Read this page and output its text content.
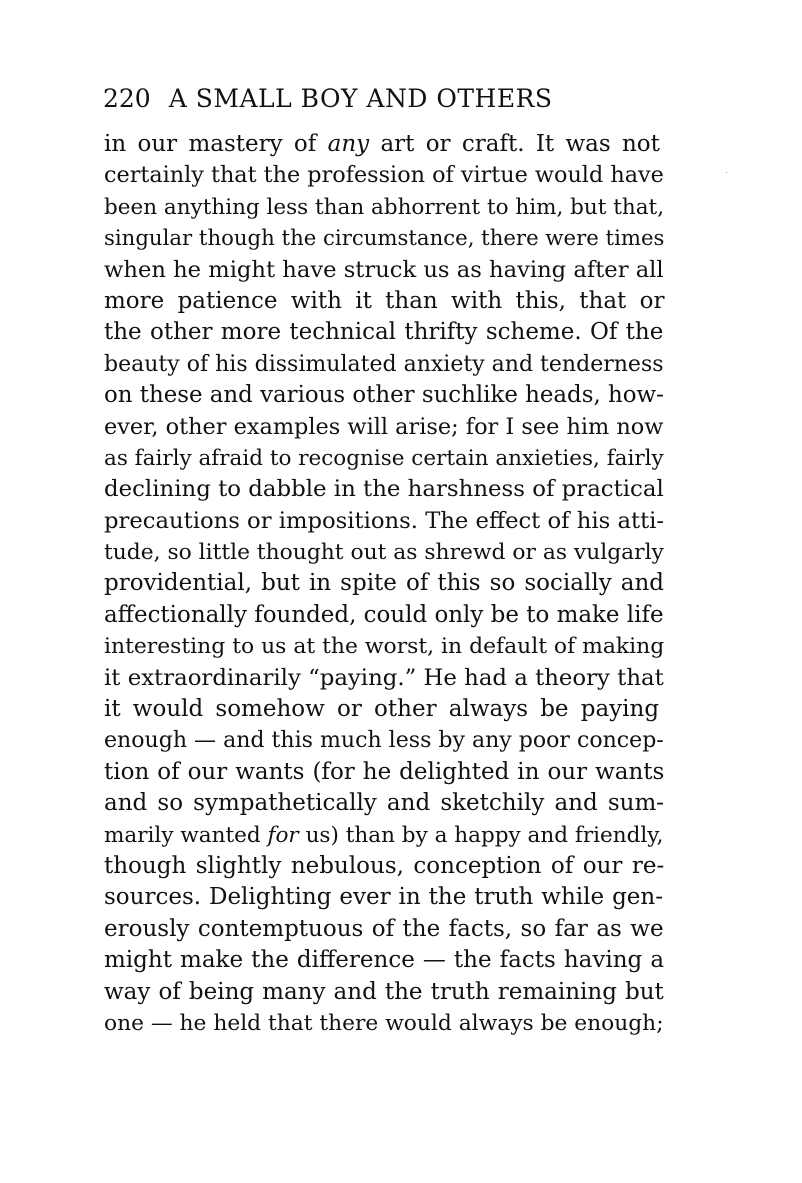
220 A SMALL BOY AND OTHERS
in our mastery of any art or craft. It was not
certainly that the profession of virtue would have
been anything less than abhorrent to him, but that,
singular though the circumstance, there were times
when he might have struck us as having after all
more patience with it than with this, that or
the other more technical thrifty scheme. Of the
beauty of his dissimulated anxiety and tenderness
on these and various other suchlike heads, how-
ever, other examples will arise; for I see him now
as fairly afraid to recognise certain anxieties, fairly
declining to dabble in the harshness of practical
precautions or impositions. The effect of his atti-
tude, so little thought out as shrewd or as vulgarly
providential, but in spite of this so socially and
affectionally founded, could only be to make life
interesting to us at the worst, in default of making
it extraordinarily “paying.” He had a theory that
it would somehow or other always be paying
enough — and this much less by any poor concep-
tion of our wants (for he delighted in our wants
and so sympathetically and sketchily and sum-
marily wanted for us) than by a happy and friendly,
though slightly nebulous, conception of our re-
sources. Delighting ever in the truth while gen-
erously contemptuous of the facts, so far as we
might make the difference — the facts having a
way of being many and the truth remaining but
one — he held that there would always be enough;
